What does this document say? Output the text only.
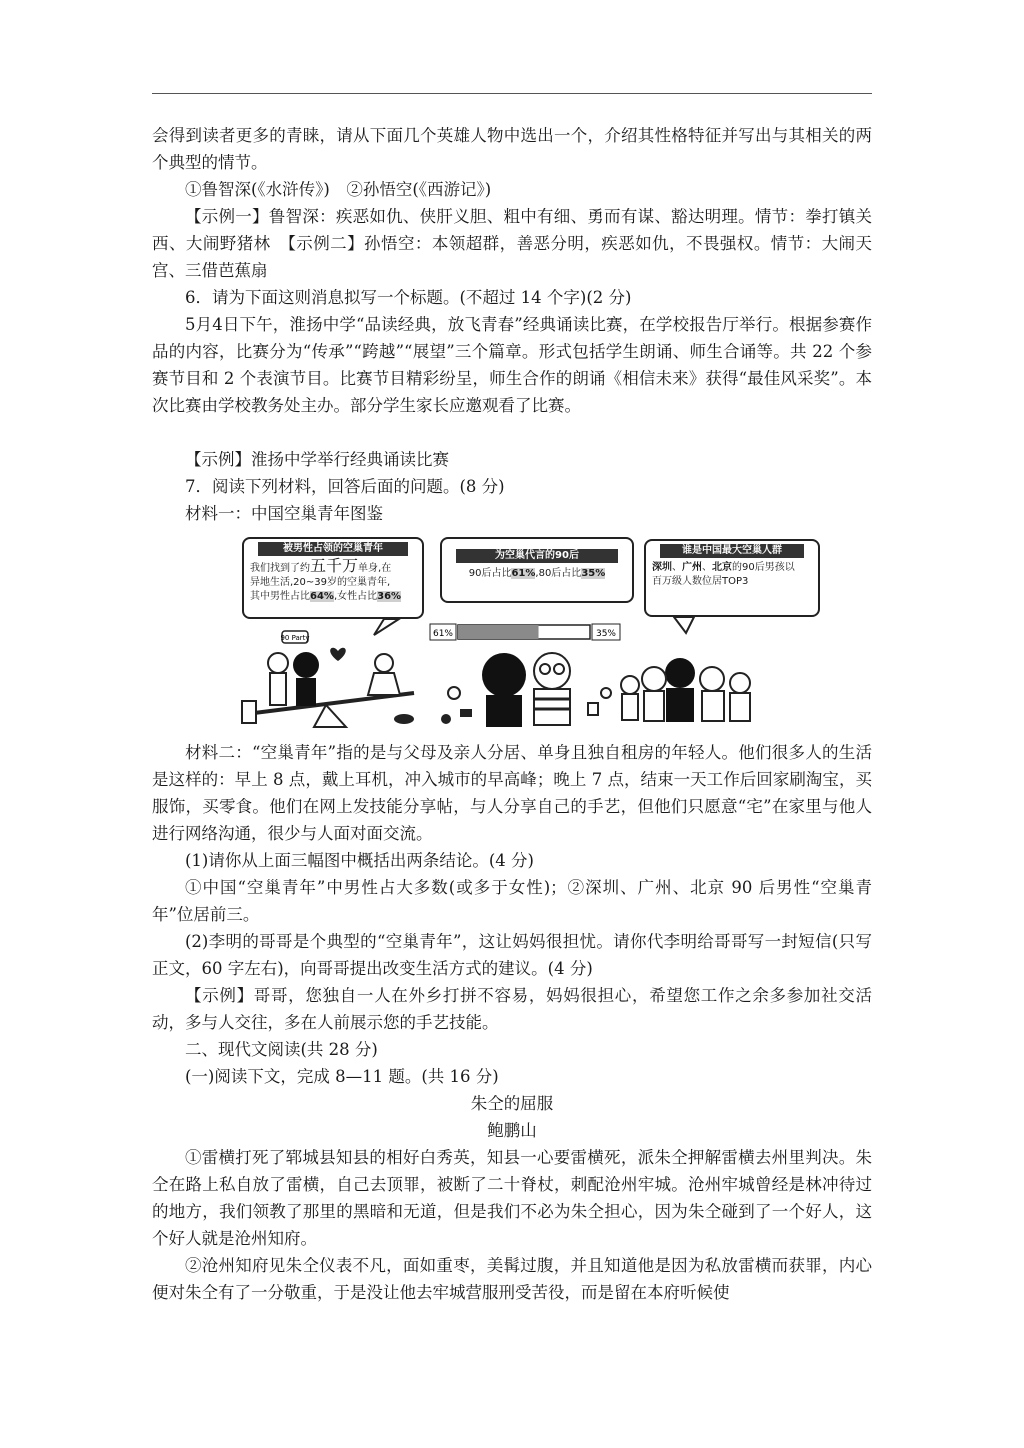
会得到读者更多的青睐，请从下面几个英雄人物中选出一个，介绍其性格特征并写出与其相关的两个典型的情节。

①鲁智深(《水浒传》)　②孙悟空(《西游记》)

【示例一】鲁智深：疾恶如仇、侠肝义胆、粗中有细、勇而有谋、豁达明理。情节：拳打镇关西、大闹野猪林　【示例二】孙悟空：本领超群，善恶分明，疾恶如仇，不畏强权。情节：大闹天宫、三借芭蕉扇

6．请为下面这则消息拟写一个标题。(不超过 14 个字)(2 分)

5月4日下午，淮扬中学“品读经典，放飞青春”经典诵读比赛，在学校报告厅举行。根据参赛作品的内容，比赛分为“传承”“跨越”“展望”三个篇章。形式包括学生朗诵、师生合诵等。共 22 个参赛节目和 2 个表演节目。比赛节目精彩纷呈，师生合作的朗诵《相信未来》获得“最佳风采奖”。本次比赛由学校教务处主办。部分学生家长应邀观看了比赛。

【示例】淮扬中学举行经典诵读比赛

7．阅读下列材料，回答后面的问题。(8 分)

材料一：中国空巢青年图鉴

90 Party	61%	35%
被男性占领的空巢青年
我们找到了约五千万单身,在
异地生活,20~39岁的空巢青年,
其中男性占比64%,女性占比36%
为空巢代言的90后
90后占比61%,80后占比35%
谁是中国最大空巢人群
深圳、广州、北京的90后男孩以
百万级人数位居TOP3

材料二：“空巢青年”指的是与父母及亲人分居、单身且独自租房的年轻人。他们很多人的生活是这样的：早上 8 点，戴上耳机，冲入城市的早高峰；晚上 7 点，结束一天工作后回家刷淘宝，买服饰，买零食。他们在网上发技能分享帖，与人分享自己的手艺，但他们只愿意“宅”在家里与他人进行网络沟通，很少与人面对面交流。

(1)请你从上面三幅图中概括出两条结论。(4 分)

①中国“空巢青年”中男性占大多数(或多于女性)；②深圳、广州、北京 90 后男性“空巢青年”位居前三。

(2)李明的哥哥是个典型的“空巢青年”，这让妈妈很担忧。请你代李明给哥哥写一封短信(只写正文，60 字左右)，向哥哥提出改变生活方式的建议。(4 分)

【示例】哥哥，您独自一人在外乡打拼不容易，妈妈很担心，希望您工作之余多参加社交活动，多与人交往，多在人前展示您的手艺技能。

二、现代文阅读(共 28 分)

(一)阅读下文，完成 8—11 题。(共 16 分)

朱仝的屈服

鲍鹏山

①雷横打死了郓城县知县的相好白秀英，知县一心要雷横死，派朱仝押解雷横去州里判决。朱仝在路上私自放了雷横，自己去顶罪，被断了二十脊杖，刺配沧州牢城。沧州牢城曾经是林冲待过的地方，我们领教了那里的黑暗和无道，但是我们不必为朱仝担心，因为朱仝碰到了一个好人，这个好人就是沧州知府。

②沧州知府见朱仝仪表不凡，面如重枣，美髯过腹，并且知道他是因为私放雷横而获罪，内心便对朱仝有了一分敬重，于是没让他去牢城营服刑受苦役，而是留在本府听候使
